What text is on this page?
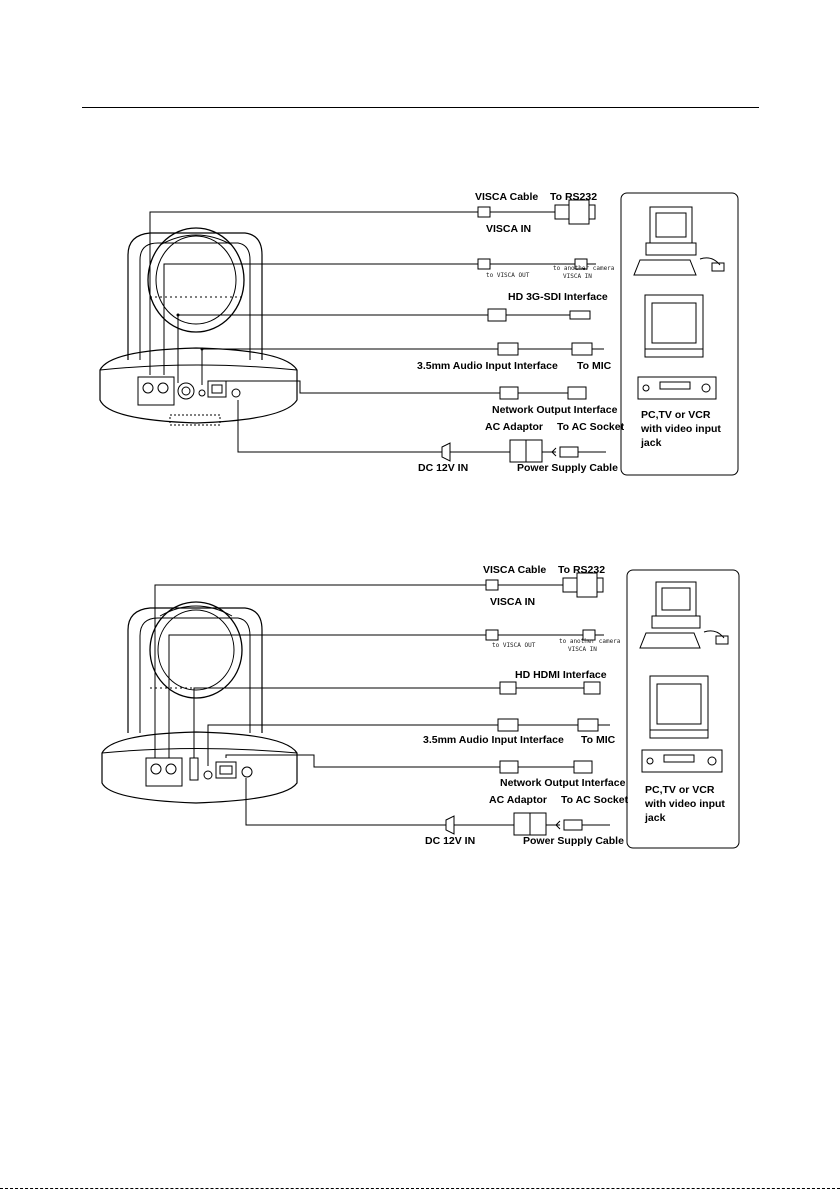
VISCA Cable To RS232
VISCA IN
to VISCA OUT
to another camera
VISCA IN
HD 3G-SDI Interface
3.5mm Audio Input Interface To MIC
Network Output Interface
AC Adaptor To AC Socket
DC 12V IN	Power Supply Cable
PC,TV or VCR with video input jack
VISCA Cable To RS232
VISCA IN
to VISCA OUT
to another camera
VISCA IN
HD HDMI Interface
3.5mm Audio Input Interface To MIC
Network Output Interface
AC Adaptor To AC Socket
DC 12V IN	Power Supply Cable
PC,TV or VCR with video input jack
